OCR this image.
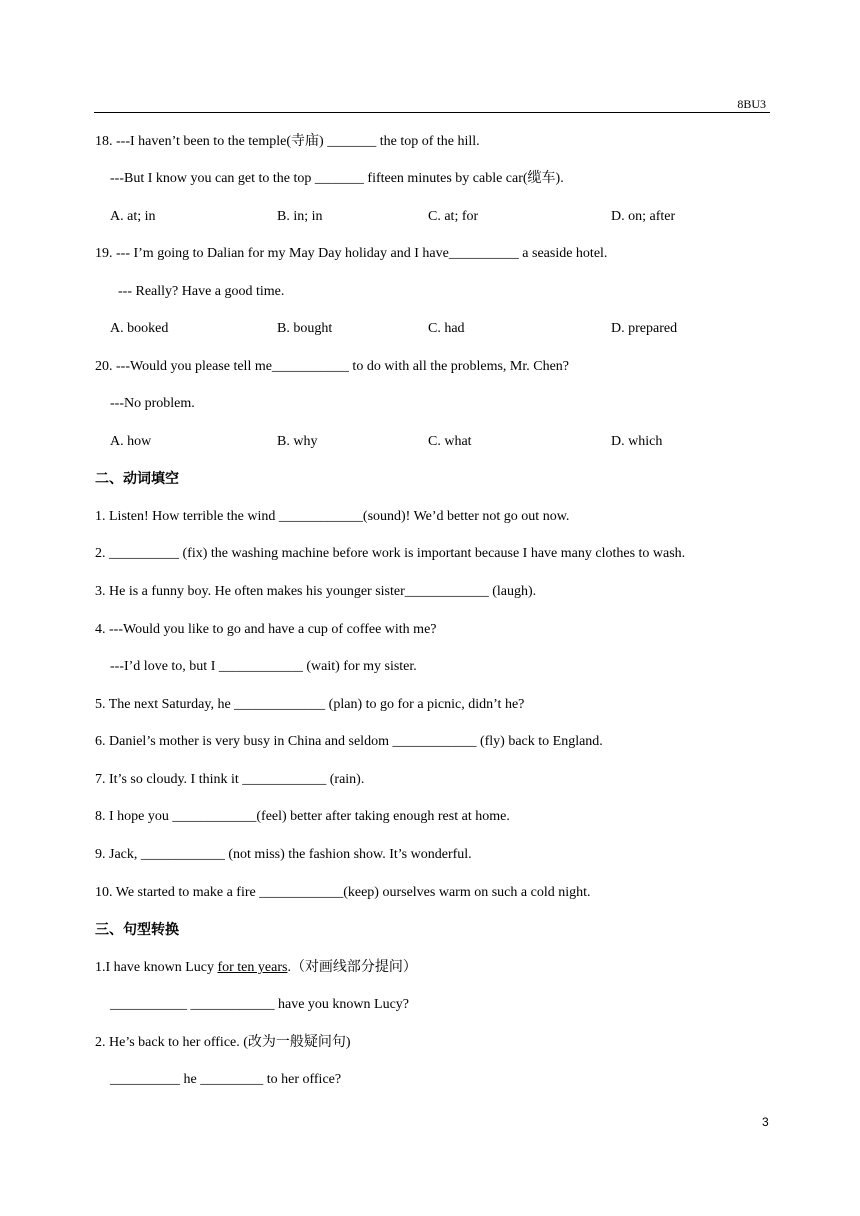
8BU3
18. ---I haven’t been to the temple(寺庙) _______ the top of the hill.
---But I know you can get to the top _______ fifteen minutes by cable car(缆车).
A. at; in	B. in; in	C. at; for	D. on; after
19. --- I’m going to Dalian for my May Day holiday and I have__________ a seaside hotel.
--- Really? Have a good time.
A. booked	B. bought	C. had	D. prepared
20. ---Would you please tell me___________ to do with all the problems, Mr. Chen?
---No problem.
A. how	B. why	C. what	D. which
二、动词填空
1. Listen! How terrible the wind ____________(sound)! We’d better not go out now.
2. __________ (fix) the washing machine before work is important because I have many clothes to wash.
3. He is a funny boy. He often makes his younger sister____________ (laugh).
4. ---Would you like to go and have a cup of coffee with me?
---I’d love to, but I ____________ (wait) for my sister.
5. The next Saturday, he _____________ (plan) to go for a picnic, didn’t he?
6. Daniel’s mother is very busy in China and seldom ____________ (fly) back to England.
7. It’s so cloudy. I think it ____________ (rain).
8. I hope you ____________(feel) better after taking enough rest at home.
9. Jack, ____________ (not miss) the fashion show. It’s wonderful.
10. We started to make a fire ____________(keep) ourselves warm on such a cold night.
三、句型转换
1.I have known Lucy for ten years.（对画线部分提问）
___________ ____________ have you known Lucy?
2. He’s back to her office. (改为一般疑问句)
__________ he _________ to her office?
3
